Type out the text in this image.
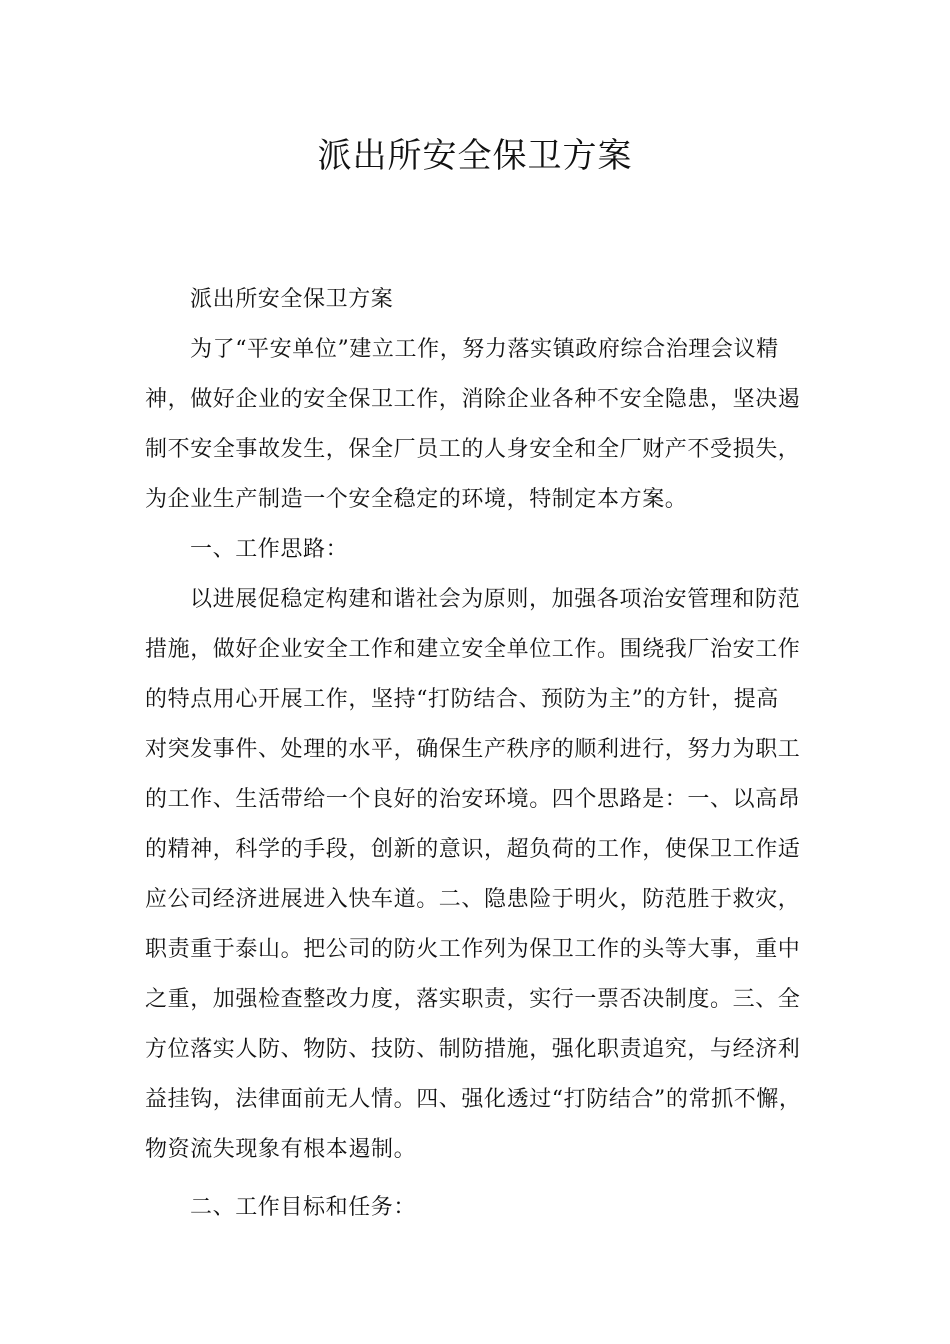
派出所安全保卫方案
派出所安全保卫方案
为了“平安单位”建立工作，努力落实镇政府综合治理会议精
神，做好企业的安全保卫工作，消除企业各种不安全隐患，坚决遏
制不安全事故发生，保全厂员工的人身安全和全厂财产不受损失，
为企业生产制造一个安全稳定的环境，特制定本方案。
一、工作思路：
以进展促稳定构建和谐社会为原则，加强各项治安管理和防范
措施，做好企业安全工作和建立安全单位工作。围绕我厂治安工作
的特点用心开展工作，坚持“打防结合、预防为主”的方针，提高
对突发事件、处理的水平，确保生产秩序的顺利进行，努力为职工
的工作、生活带给一个良好的治安环境。四个思路是：一、以高昂
的精神，科学的手段，创新的意识，超负荷的工作，使保卫工作适
应公司经济进展进入快车道。二、隐患险于明火，防范胜于救灾，
职责重于泰山。把公司的防火工作列为保卫工作的头等大事，重中
之重，加强检查整改力度，落实职责，实行一票否决制度。三、全
方位落实人防、物防、技防、制防措施，强化职责追究，与经济利
益挂钩，法律面前无人情。四、强化透过“打防结合”的常抓不懈，
物资流失现象有根本遏制。
二、工作目标和任务：
